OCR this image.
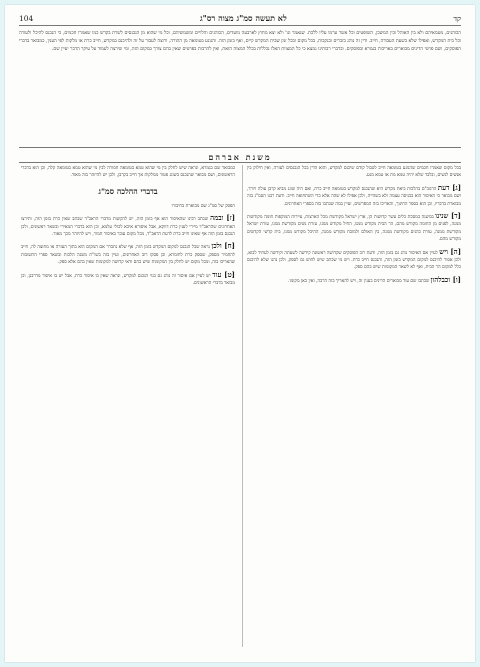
קד
לא תעשה סמ"ג מצוה רס"ג
104

הכוהנים, מטמאיהם ולא בין האוהל ובין המשכן, השופטים וכל אשר ערמו עליו ללכת. שנאמר וגו' ולא יצא מחוץ לארבעה מועדים, הכוהנים והלויים ומשמשיהם, וכל מי שהוא מן הנכנסים לשרת בקדש כמו שאמרו חכמים, כי הנכנס להיכל ולעזרה וכל בית המקדש, ואפילו שלא בשעת העבודה, חייב. ודין זה נוהג בזכרים ובנקבות, בכל מקום ובכל זמן שבית המקדש קיים, ואף בזמן הזה. והנוגע בטומאה מן התורה, ורוצה לעבור על זה ולהיכנס במקדש, חייב כרת או מלקות לפי הענין, כמבואר בדברי הפוסקים, ושם פרטי הדינים מבוארים באריכות בגמרא ובפוסקים. ובדברי רבותינו נמצא כי כל המצוות האלו נכללות בכלל המצוה הזאת, ואין להרבות בפרטים שאין בהם צורך במקום הזה, ומי שירצה לעמוד על עיקר הדבר יעיין שם.

משנת אברהם

בכל מקום שאמרו חכמים שהנוגע בטומאה חייב לטבול קודם שיכנס למקדש, והוא הדין בכל הנכנסים לעזרה, ואין חילוק בין אנשים לנשים, ובלבד שלא יהיה טמא מת או טמא מגע.

[ג] דעת הרמב"ם בהלכות ביאת מקדש היא שהנכנס למקדש בטומאה חייב כרת, ואם היה שוגג מביא קרבן עולה ויורד, ושם מבואר כי האיסור הוא בכניסה עצמה ולא בשהייה, ולכן אפילו לא שהה אלא כדי השתחואה חייב. ודעת רבנו הסמ"ג בזה מבוארת בדבריו, וכן הוא בספר החינוך, והאריכו בזה המפרשים, ועיין במה שכתבו בזה בספרי האחרונים.

[ד] שנינו במשנה במסכת כלים עשר קדושות הן, ארץ ישראל מקודשת מכל הארצות, עיירות המוקפות חומה מקודשות ממנה, לפנים מן החומה מקודש מהם, הר הבית מקודש ממנו, החיל מקודש ממנו, עזרת נשים מקודשת ממנו, עזרת ישראל מקודשת ממנה, עזרת כהנים מקודשת ממנה, בין האולם ולמזבח מקודש ממנה, ההיכל מקודש ממנו, בית קדשי הקדשים מקודש מהם.

[ה] ויש לעיין אם האיסור נוהג גם בזמן הזה, ודעת רוב הפוסקים שקדושה ראשונה קידשה לשעתה וקידשה לעתיד לבוא, ולכן אסור להיכנס למקום המקדש בזמן הזה, והנכנס חייב כרת. ויש מי שכתב שיש לחוש גם לספק, ולכן נהגו שלא להיכנס כלל למקום הר הבית, ואף לא לשאר המקומות שיש בהם ספק.

[ו] וכבלהון שכתבו שם עוד מבוארים הדינים בענין זה, ויש להאריך בזה הרבה, ואין כאן מקומו.

כמבואר שם בגמרא, ונראה שיש לחלק בין מי שהוא טמא בטומאה חמורה לבין מי שהוא טמא בטומאה קלה, וכן הוא בדברי הראשונים, ושם מבואר שהנכנס בשוגג פטור ממלקות אך חייב בקרבן, ולכן יש להיזהר בזה מאוד.

בדברי ההלכה סמ"ג

הפסק של סמ"ג שם מבוארת בחיבורו

[ז] ובמה שכתב רבינו שהאיסור הוא אף בזמן הזה, יש להקשות מדברי הראב"ד שכתב שאין כרת בזמן הזה, ותירצו האחרונים שהראב"ד מיירי לענין כרת דווקא, אבל איסורא איכא לכולי עלמא, וכן הוא בדברי המאירי ובשאר ראשונים, ולכן הנכנס בזמן הזה אף שאינו חייב כרת לדעת הראב"ד, מכל מקום עובר באיסור חמור, ויש להיזהר מכך מאוד.

[ח] ולכן נראה שכל הנכנס למקום המקדש בזמן הזה, אף שלא נתברר אם המקום הוא בתוך העזרה או מחוצה לה, חייב להחמיר מספק, שספק כרת לחומרא, וכן פסקו רוב האחרונים, ועיין בזה בשו"ת משנה הלכות ובשאר ספרי התשובות שהאריכו בזה, ומכל מקום יש לחלק בין המקומות שיש בהם ודאי קדושה למקומות שאין בהם אלא ספק.

[ט] עוד יש לעיין אם איסור זה נוהג גם בגוי הנכנס למקדש, ונראה שאין בו איסור כרת, אבל יש בו איסור מדרבנן, וכן מבואר בדברי הראשונים.
